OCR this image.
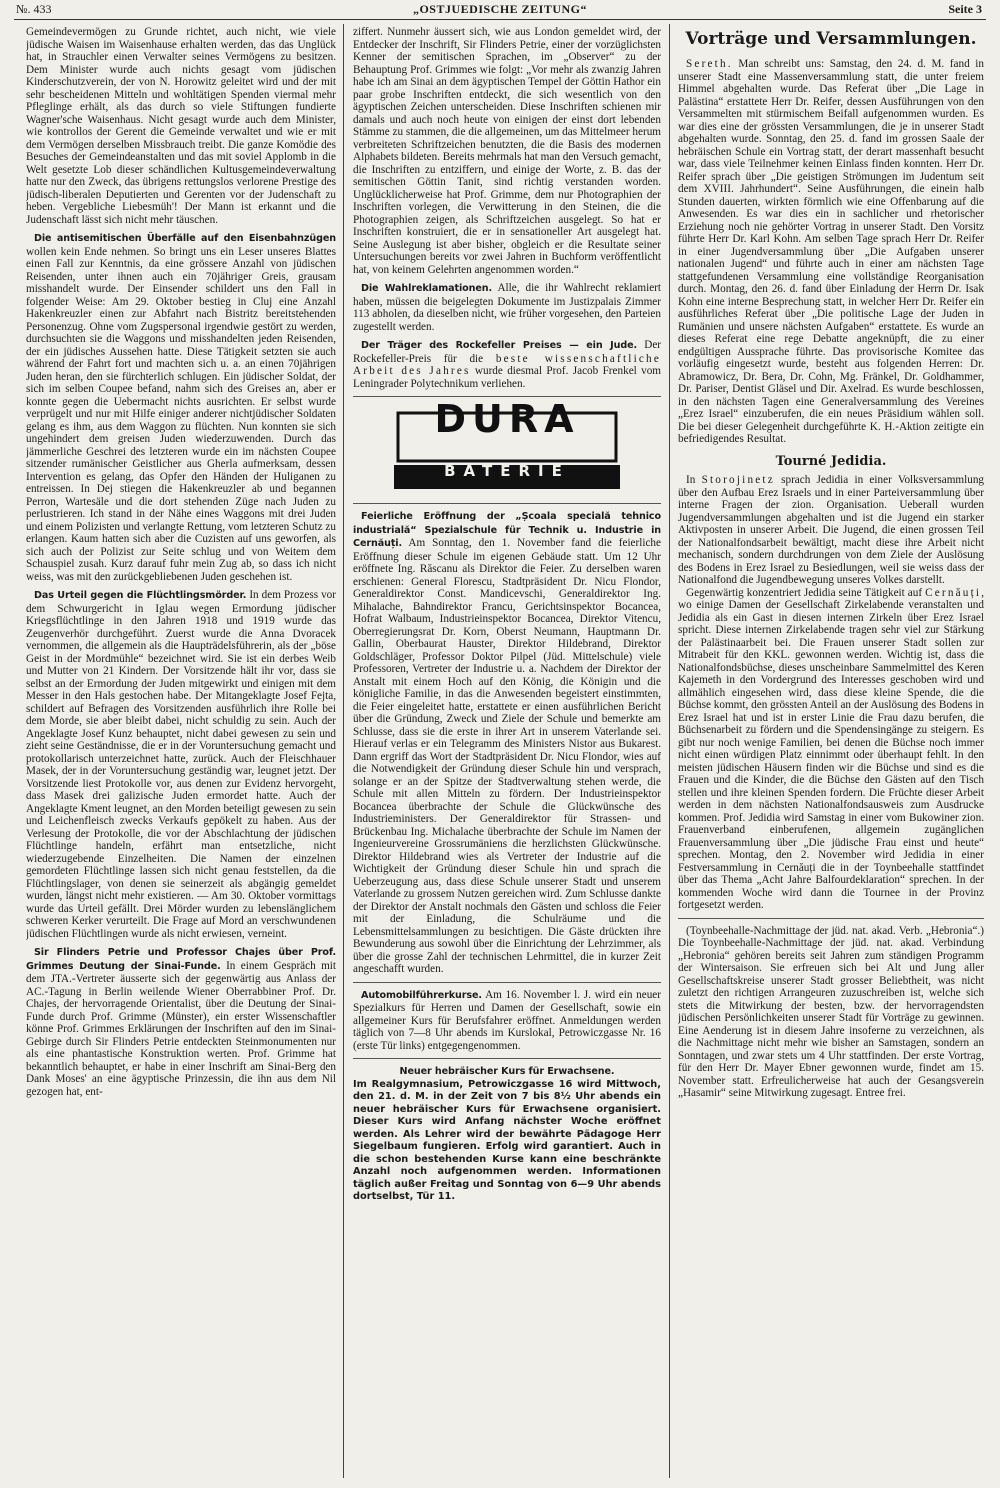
№. 433	„OSTJUEDISCHE ZEITUNG“	Seite 3

Gemeindevermögen zu Grunde richtet, auch nicht, wie viele jüdische Waisen im Waisenhause erhalten werden, das das Unglück hat, in Strauchler einen Verwalter seines Vermögens zu besitzen. Dem Minister wurde auch nichts gesagt vom jüdischen Kinderschutzverein, der von N. Horowitz geleitet wird und der mit sehr bescheidenen Mitteln und wohltätigen Spenden viermal mehr Pfleglinge erhält, als das durch so viele Stiftungen fundierte Wagner'sche Waisenhaus. Nicht gesagt wurde auch dem Minister, wie kontrollos der Gerent die Gemeinde verwaltet und wie er mit dem Vermögen derselben Missbrauch treibt. Die ganze Komödie des Besuches der Gemeindeanstalten und das mit soviel Applomb in die Welt gesetzte Lob dieser schändlichen Kultusgemeindeverwaltung hatte nur den Zweck, das übrigens rettungslos verlorene Prestige des jüdisch-liberalen Deputierten und Gerenten vor der Judenschaft zu heben. Vergebliche Liebesmüh'! Der Mann ist erkannt und die Judenschaft lässt sich nicht mehr täuschen.

Die antisemitischen Überfälle auf den Eisenbahnzügen wollen kein Ende nehmen. So bringt uns ein Leser unseres Blattes einen Fall zur Kenntnis, da eine grössere Anzahl von jüdischen Reisenden, unter ihnen auch ein 70jähriger Greis, grausam misshandelt wurde. Der Einsender schildert uns den Fall in folgender Weise: Am 29. Oktober bestieg in Cluj eine Anzahl Hakenkreuzler einen zur Abfahrt nach Bistritz bereitstehenden Personenzug. Ohne vom Zugspersonal irgendwie gestört zu werden, durchsuchten sie die Waggons und misshandelten jeden Reisenden, der ein jüdisches Aussehen hatte. Diese Tätigkeit setzten sie auch während der Fahrt fort und machten sich u. a. an einen 70jährigen Juden heran, den sie fürchterlich schlugen. Ein jüdischer Soldat, der sich im selben Coupee befand, nahm sich des Greises an, aber er konnte gegen die Uebermacht nichts ausrichten. Er selbst wurde verprügelt und nur mit Hilfe einiger anderer nichtjüdischer Soldaten gelang es ihm, aus dem Waggon zu flüchten. Nun konnten sie sich ungehindert dem greisen Juden wiederzuwenden. Durch das jämmerliche Geschrei des letzteren wurde ein im nächsten Coupee sitzender rumänischer Geistlicher aus Gherla aufmerksam, dessen Intervention es gelang, das Opfer den Händen der Huliganen zu entreissen. In Dej stiegen die Hakenkreuzler ab und begannen Perron, Wartesäle und die dort stehenden Züge nach Juden zu perlustrieren. Ich stand in der Nähe eines Waggons mit drei Juden und einem Polizisten und verlangte Rettung, vom letzteren Schutz zu erlangen. Kaum hatten sich aber die Cuzisten auf uns geworfen, als sich auch der Polizist zur Seite schlug und von Weitem dem Schauspiel zusah. Kurz darauf fuhr mein Zug ab, so dass ich nicht weiss, was mit den zurückgebliebenen Juden geschehen ist.

Das Urteil gegen die Flüchtlingsmörder. In dem Prozess vor dem Schwurgericht in Iglau wegen Ermordung jüdischer Kriegsflüchtlinge in den Jahren 1918 und 1919 wurde das Zeugenverhör durchgeführt. Zuerst wurde die Anna Dvoracek vernommen, die allgemein als die Haupträdelsführerin, als der „böse Geist in der Mordmühle“ bezeichnet wird. Sie ist ein derbes Weib und Mutter von 21 Kindern. Der Vorsitzende hält ihr vor, dass sie selbst an der Ermordung der Juden mitgewirkt und einigen mit dem Messer in den Hals gestochen habe. Der Mitangeklagte Josef Fejta, schildert auf Befragen des Vorsitzenden ausführlich ihre Rolle bei dem Morde, sie aber bleibt dabei, nicht schuldig zu sein. Auch der Angeklagte Josef Kunz behauptet, nicht dabei gewesen zu sein und zieht seine Geständnisse, die er in der Voruntersuchung gemacht und protokollarisch unterzeichnet hatte, zurück. Auch der Fleischhauer Masek, der in der Voruntersuchung geständig war, leugnet jetzt. Der Vorsitzende liest Protokolle vor, aus denen zur Evidenz hervorgeht, dass Masek drei galizische Juden ermordet hatte. Auch der Angeklagte Kment leugnet, an den Morden beteiligt gewesen zu sein und Leichenfleisch zwecks Verkaufs gepökelt zu haben. Aus der Verlesung der Protokolle, die vor der Abschlachtung der jüdischen Flüchtlinge handeln, erfährt man entsetzliche, nicht wiederzugebende Einzelheiten. Die Namen der einzelnen gemordeten Flüchtlinge lassen sich nicht genau feststellen, da die Flüchtlingslager, von denen sie seinerzeit als abgängig gemeldet wurden, längst nicht mehr existieren. — Am 30. Oktober vormittags wurde das Urteil gefällt. Drei Mörder wurden zu lebenslänglichem schweren Kerker verurteilt. Die Frage auf Mord an verschwundenen jüdischen Flüchtlingen wurde als nicht erwiesen, verneint.

Sir Flinders Petrie und Professor Chajes über Prof. Grimmes Deutung der Sinai-Funde. In einem Gespräch mit dem JTA.-Vertreter äusserte sich der gegenwärtig aus Anlass der AC.-Tagung in Berlin weilende Wiener Oberrabbiner Prof. Dr. Chajes, der hervorragende Orientalist, über die Deutung der Sinai-Funde durch Prof. Grimme (Münster), ein erster Wissenschaftler könne Prof. Grimmes Erklärungen der Inschriften auf den im Sinai-Gebirge durch Sir Flinders Petrie entdeckten Steinmonumenten nur als eine phantastische Konstruktion werten. Prof. Grimme hat bekanntlich behauptet, er habe in einer Inschrift am Sinai-Berg den Dank Moses' an eine ägyptische Prinzessin, die ihn aus dem Nil gezogen hat, ent-

ziffert. Nunmehr äussert sich, wie aus London gemeldet wird, der Entdecker der Inschrift, Sir Flinders Petrie, einer der vorzüglichsten Kenner der semitischen Sprachen, im „Observer“ zu der Behauptung Prof. Grimmes wie folgt: „Vor mehr als zwanzig Jahren habe ich am Sinai an dem ägyptischen Tempel der Göttin Hathor ein paar grobe Inschriften entdeckt, die sich wesentlich von den ägyptischen Zeichen unterscheiden. Diese Inschriften schienen mir damals und auch noch heute von einigen der einst dort lebenden Stämme zu stammen, die die allgemeinen, um das Mittelmeer herum verbreiteten Schriftzeichen benutzten, die die Basis des modernen Alphabets bildeten. Bereits mehrmals hat man den Versuch gemacht, die Inschriften zu entziffern, und einige der Worte, z. B. das der semitischen Göttin Tanit, sind richtig verstanden worden. Unglücklicherweise hat Prof. Grimme, dem nur Photographien der Inschriften vorlegen, die Verwitterung in den Steinen, die die Photographien zeigen, als Schriftzeichen ausgelegt. So hat er Inschriften konstruiert, die er in sensationeller Art ausgelegt hat. Seine Auslegung ist aber bisher, obgleich er die Resultate seiner Untersuchungen bereits vor zwei Jahren in Buchform veröffentlicht hat, von keinem Gelehrten angenommen worden.“

Die Wahlreklamationen. Alle, die ihr Wahlrecht reklamiert haben, müssen die beigelegten Dokumente im Justizpalais Zimmer 113 abholen, da dieselben nicht, wie früher vorgesehen, den Parteien zugestellt werden.

Der Träger des Rockefeller Preises — ein Jude. Der Rockefeller-Preis für die beste wissenschaftliche Arbeit des Jahres wurde diesmal Prof. Jacob Frenkel vom Leningrader Polytechnikum verliehen.

DURA
BATERIE

Feierliche Eröffnung der „Școala specială tehnico industrială“ Spezialschule für Technik u. Industrie in Cernăuți. Am Sonntag, den 1. November fand die feierliche Eröffnung dieser Schule im eigenen Gebäude statt. Um 12 Uhr eröffnete Ing. Răscanu als Direktor die Feier. Zu derselben waren erschienen: General Florescu, Stadtpräsident Dr. Nicu Flondor, Generaldirektor Const. Mandicevschi, Generaldirektor Ing. Mihalache, Bahndirektor Francu, Gerichtsinspektor Bocancea, Hofrat Walbaum, Industrieinspektor Bocancea, Direktor Vitencu, Oberregierungsrat Dr. Korn, Oberst Neumann, Hauptmann Dr. Gallin, Oberbaurat Hauster, Direktor Hildebrand, Direktor Goldschläger, Professor Doktor Pilpel (Jüd. Mittelschule) viele Professoren, Vertreter der Industrie u. a. Nachdem der Direktor der Anstalt mit einem Hoch auf den König, die Königin und die königliche Familie, in das die Anwesenden begeistert einstimmten, die Feier eingeleitet hatte, erstattete er einen ausführlichen Bericht über die Gründung, Zweck und Ziele der Schule und bemerkte am Schlusse, dass sie die erste in ihrer Art in unserem Vaterlande sei. Hierauf verlas er ein Telegramm des Ministers Nistor aus Bukarest. Dann ergriff das Wort der Stadtpräsident Dr. Nicu Flondor, wies auf die Notwendigkeit der Gründung dieser Schule hin und versprach, solange er an der Spitze der Stadtverwaltung stehen werde, die Schule mit allen Mitteln zu fördern. Der Industrieinspektor Bocancea überbrachte der Schule die Glückwünsche des Industrieministers. Der Generaldirektor für Strassen- und Brückenbau Ing. Michalache überbrachte der Schule im Namen der Ingenieurvereine Grossrumäniens die herzlichsten Glückwünsche. Direktor Hildebrand wies als Vertreter der Industrie auf die Wichtigkeit der Gründung dieser Schule hin und sprach die Ueberzeugung aus, dass diese Schule unserer Stadt und unserem Vaterlande zu grossem Nutzen gereichen wird. Zum Schlusse dankte der Direktor der Anstalt nochmals den Gästen und schloss die Feier mit der Einladung, die Schulräume und die Lebensmittelsammlungen zu besichtigen. Die Gäste drückten ihre Bewunderung aus sowohl über die Einrichtung der Lehrzimmer, als über die grosse Zahl der technischen Lehrmittel, die in kurzer Zeit angeschafft wurden.

Automobilführerkurse. Am 16. November l. J. wird ein neuer Spezialkurs für Herren und Damen der Gesellschaft, sowie ein allgemeiner Kurs für Berufsfahrer eröffnet. Anmeldungen werden täglich von 7—8 Uhr abends im Kurslokal, Petrowiczgasse Nr. 16 (erste Tür links) entgegengenommen.

Neuer hebräischer Kurs für Erwachsene.

Im Realgymnasium, Petrowiczgasse 16 wird Mittwoch, den 21. d. M. in der Zeit von 7 bis 8½ Uhr abends ein neuer hebräischer Kurs für Erwachsene organisiert. Dieser Kurs wird Anfang nächster Woche eröffnet werden. Als Lehrer wird der bewährte Pädagoge Herr Siegelbaum fungieren. Erfolg wird garantiert. Auch in die schon bestehenden Kurse kann eine beschränkte Anzahl noch aufgenommen werden. Informationen täglich außer Freitag und Sonntag von 6—9 Uhr abends dortselbst, Tür 11.

Vorträge und Versammlungen.

Sereth. Man schreibt uns: Samstag, den 24. d. M. fand in unserer Stadt eine Massenversammlung statt, die unter freiem Himmel abgehalten wurde. Das Referat über „Die Lage in Palästina“ erstattete Herr Dr. Reifer, dessen Ausführungen von den Versammelten mit stürmischem Beifall aufgenommen wurden. Es war dies eine der grössten Versammlungen, die je in unserer Stadt abgehalten wurde. Sonntag, den 25. d. fand im grossen Saale der hebräischen Schule ein Vortrag statt, der derart massenhaft besucht war, dass viele Teilnehmer keinen Einlass finden konnten. Herr Dr. Reifer sprach über „Die geistigen Strömungen im Judentum seit dem XVIII. Jahrhundert“. Seine Ausführungen, die einein halb Stunden dauerten, wirkten förmlich wie eine Offenbarung auf die Anwesenden. Es war dies ein in sachlicher und rhetorischer Erziehung noch nie gehörter Vortrag in unserer Stadt. Den Vorsitz führte Herr Dr. Karl Kohn. Am selben Tage sprach Herr Dr. Reifer in einer Jugendversammlung über „Die Aufgaben unserer nationalen Jugend“ und führte auch in einer am nächsten Tage stattgefundenen Versammlung eine vollständige Reorganisation durch. Montag, den 26. d. fand über Einladung der Herrn Dr. Isak Kohn eine interne Besprechung statt, in welcher Herr Dr. Reifer ein ausführliches Referat über „Die politische Lage der Juden in Rumänien und unsere nächsten Aufgaben“ erstattete. Es wurde an dieses Referat eine rege Debatte angeknüpft, die zu einer endgültigen Aussprache führte. Das provisorische Komitee das vorläufig eingesetzt wurde, besteht aus folgenden Herren: Dr. Abramowicz, Dr. Bera, Dr. Cohn, Mg. Fränkel, Dr. Goldhammer, Dr. Pariser, Dentist Gläsel und Dir. Axelrad. Es wurde beschlossen, in den nächsten Tagen eine Generalversammlung des Vereines „Erez Israel“ einzuberufen, die ein neues Präsidium wählen soll. Die bei dieser Gelegenheit durchgeführte K. H.-Aktion zeitigte ein befriedigendes Resultat.

Tourné Jedidia.

In Storojinetz sprach Jedidia in einer Volksversammlung über den Aufbau Erez Israels und in einer Parteiversammlung über interne Fragen der zion. Organisation. Ueberall wurden Jugendversammlungen abgehalten und ist die Jugend ein starker Aktivposten in unserer Arbeit. Die Jugend, die einen grossen Teil der Nationalfondsarbeit bewältigt, macht diese ihre Arbeit nicht mechanisch, sondern durchdrungen von dem Ziele der Auslösung des Bodens in Erez Israel zu Besiedlungen, weil sie weiss dass der Nationalfond die Jugendbewegung unseres Volkes darstellt.

Gegenwärtig konzentriert Jedidia seine Tätigkeit auf Cernăuți, wo einige Damen der Gesellschaft Zirkelabende veranstalten und Jedidia als ein Gast in diesen internen Zirkeln über Erez Israel spricht. Diese internen Zirkelabende tragen sehr viel zur Stärkung der Palästinaarbeit bei. Die Frauen unserer Stadt sollen zur Mitrabeit für den KKL. gewonnen werden. Wichtig ist, dass die Nationalfondsbüchse, dieses unscheinbare Sammelmittel des Keren Kajemeth in den Vordergrund des Interesses geschoben wird und allmählich eingesehen wird, dass diese kleine Spende, die die Büchse kommt, den grössten Anteil an der Auslösung des Bodens in Erez Israel hat und ist in erster Linie die Frau dazu berufen, die Büchsenarbeit zu fördern und die Spendensingänge zu steigern. Es gibt nur noch wenige Familien, bei denen die Büchse noch immer nicht einen würdigen Platz einnimmt oder überhaupt fehlt. In den meisten jüdischen Häusern finden wir die Büchse und sind es die Frauen und die Kinder, die die Büchse den Gästen auf den Tisch stellen und ihre kleinen Spenden fordern. Die Früchte dieser Arbeit werden in dem nächsten Nationalfondsausweis zum Ausdrucke kommen. Prof. Jedidia wird Samstag in einer vom Bukowiner zion. Frauenverband einberufenen, allgemein zugänglichen Frauenversammlung über „Die jüdische Frau einst und heute“ sprechen. Montag, den 2. November wird Jedidia in einer Festversammlung in Cernăuți die in der Toynbeehalle stattfindet über das Thema „Acht Jahre Balfourdeklaration“ sprechen. In der kommenden Woche wird dann die Tournee in der Provinz fortgesetzt werden.

(Toynbeehalle-Nachmittage der jüd. nat. akad. Verb. „Hebronia“.) Die Toynbeehalle-Nachmittage der jüd. nat. akad. Verbindung „Hebronia“ gehören bereits seit Jahren zum ständigen Programm der Wintersaison. Sie erfreuen sich bei Alt und Jung aller Gesellschaftskreise unserer Stadt grosser Beliebtheit, was nicht zuletzt den richtigen Arrangeuren zuzuschreiben ist, welche sich stets die Mitwirkung der besten, bzw. der hervorragendsten jüdischen Persönlichkeiten unserer Stadt für Vorträge zu gewinnen. Eine Aenderung ist in diesem Jahre insoferne zu verzeichnen, als die Nachmittage nicht mehr wie bisher an Samstagen, sondern an Sonntagen, und zwar stets um 4 Uhr stattfinden. Der erste Vortrag, für den Herr Dr. Mayer Ebner gewonnen wurde, findet am 15. November statt. Erfreulicherweise hat auch der Gesangsverein „Hasamir“ seine Mitwirkung zugesagt. Entree frei.
